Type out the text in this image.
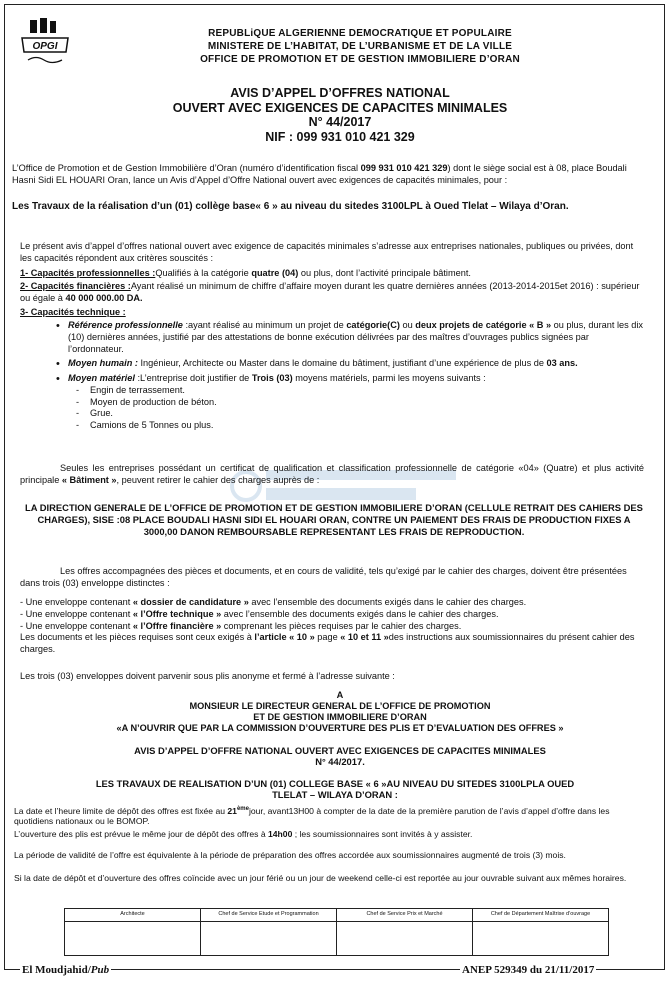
OPGI
REPUBLiQUE ALGERIENNE DEMOCRATIQUE ET POPULAIRE
MINISTERE DE L’HABITAT, DE L’URBANISME ET DE LA VILLE
OFFICE DE PROMOTION ET DE GESTION IMMOBILIERE D’ORAN
AVIS D’APPEL D’OFFRES NATIONAL
OUVERT AVEC EXIGENCES DE CAPACITES MINIMALES
N° 44/2017
NIF : 099 931 010 421 329
L’Office de Promotion et de Gestion Immobilière d’Oran (numéro d’identification fiscal 099 931 010 421 329) dont le siège social est à 08, place Boudali Hasni Sidi EL HOUARI Oran, lance un Avis d’Appel d’Offre National ouvert avec exigences de capacités minimales, pour :
Les Travaux de la réalisation d’un (01) collège base« 6 » au niveau du sitedes 3100LPL à Oued Tlelat – Wilaya d’Oran.
Le présent avis d’appel d’offres national ouvert avec exigence de capacités minimales s’adresse aux entreprises nationales, publiques ou privées, dont les capacités répondent aux critères souscités :
1- Capacités professionnelles :Qualifiés à la catégorie quatre (04) ou plus, dont l’activité principale bâtiment.
2- Capacités financières :Ayant réalisé un minimum de chiffre d’affaire moyen durant les quatre dernières années (2013-2014-2015et 2016) : supérieur ou égale à 40 000 000.00 DA.
3- Capacités technique :
• Référence professionnelle :ayant réalisé au minimum un projet de catégorie(C) ou deux projets de catégorie « B » ou plus, durant les dix (10) dernières années, justifié par des attestations de bonne exécution délivrées par des maîtres d’ouvrages publics signées par l’ordonnateur.
• Moyen humain : Ingénieur, Architecte ou Master dans le domaine du bâtiment, justifiant d’une expérience de plus de 03 ans.
• Moyen matériel :L’entreprise doit justifier de Trois (03) moyens matériels, parmi les moyens suivants :
- Engin de terrassement.
- Moyen de production de béton.
- Grue.
- Camions de 5 Tonnes ou plus.
Seules les entreprises possédant un certificat de qualification et classification professionnelle de catégorie «04» (Quatre) et plus activité principale « Bâtiment », peuvent retirer le cahier des charges auprès de :
LA DIRECTION GENERALE DE L’OFFICE DE PROMOTION ET DE GESTION IMMOBILIERE D’ORAN (CELLULE RETRAIT DES CAHIERS DES CHARGES), SISE :08 PLACE BOUDALI HASNI SIDI EL HOUARI ORAN, CONTRE UN PAIEMENT DES FRAIS DE PRODUCTION FIXES A 3000,00 DANON REMBOURSABLE REPRESENTANT LES FRAIS DE REPRODUCTION.
Les offres accompagnées des pièces et documents, et en cours de validité, tels qu’exigé par le cahier des charges, doivent être présentées dans trois (03) enveloppe distinctes :
- Une enveloppe contenant « dossier de candidature » avec l’ensemble des documents exigés dans le cahier des charges.
- Une enveloppe contenant « l’Offre technique » avec l’ensemble des documents exigés dans le cahier des charges.
- Une enveloppe contenant « l’Offre financière » comprenant les pièces requises par le cahier des charges.
Les documents et les pièces requises sont ceux exigés à l’article « 10 » page « 10 et 11 »des instructions aux soumissionnaires du présent cahier des charges.
Les trois (03) enveloppes doivent parvenir sous plis anonyme et fermé à l’adresse suivante :
A
MONSIEUR LE DIRECTEUR GENERAL DE L’OFFICE DE PROMOTION
ET DE GESTION IMMOBILIERE D’ORAN
«A N’OUVRIR QUE PAR LA COMMISSION D’OUVERTURE DES PLIS ET D’EVALUATION DES OFFRES »
AVIS D’APPEL D’OFFRE NATIONAL OUVERT AVEC EXIGENCES DE CAPACITES MINIMALES
N° 44/2017.
LES TRAVAUX DE REALISATION D’UN (01) COLLEGE BASE « 6 »AU NIVEAU DU SITEDES 3100LPLA OUED
TLELAT – WILAYA D’ORAN :
La date et l’heure limite de dépôt des offres est fixée au 21èmejour, avant13H00 à compter de la date de la première parution de l’avis d’appel d’offre dans les quotidiens nationaux ou le BOMOP.
L’ouverture des plis est prévue le même jour de dépôt des offres à 14h00 ; les soumissionnaires sont invités à y assister.
La période de validité de l’offre est équivalente à la période de préparation des offres accordée aux soumissionnaires augmenté de trois (3) mois.
Si la date de dépôt et d’ouverture des offres coïncide avec un jour férié ou un jour de weekend celle-ci est reportée au jour ouvrable suivant aux mêmes horaires.
Architecte	Chef de Service Etude et Programmation	Chef de Service Prix et Marché	Chef de Département Maîtrise d’ouvrage

El Moudjahid/Pub	ANEP 529349 du 21/11/2017
